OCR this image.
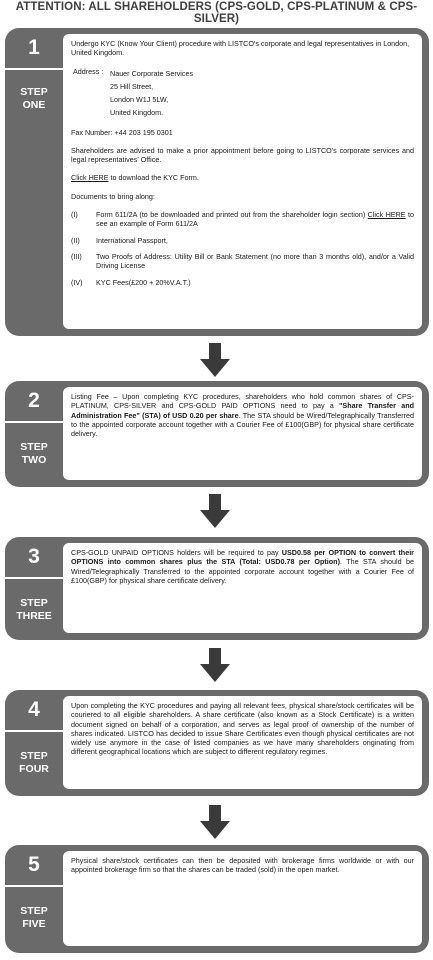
ATTENTION: ALL SHAREHOLDERS (CPS-GOLD, CPS-PLATINUM & CPS-SILVER)
1
STEP
ONE

Undergo KYC (Know Your Client) procedure with LISTCO's corporate and legal representatives in London, United Kingdom.

Address : Nauer Corporate Services
25 Hill Street,
London W1J 5LW,
United Kingdom.

Fax Number: +44 203 195 0301

Shareholders are advised to make a prior appointment before going to LISTCO's corporate services and legal representatives' Office.

Click HERE to download the KYC Form.

Documents to bring along:

(I)	Form 611/2A (to be downloaded and printed out from the shareholder login section) Click HERE to see an example of Form 611/2A
(II)	International Passport,
(III)	Two Proofs of Address: Utility Bill or Bank Statement (no more than 3 months old), and/or a Valid Driving License
(IV)	KYC Fees(£200 + 20%V.A.T.)
2
STEP
TWO

Listing Fee – Upon completing KYC procedures, shareholders who hold common shares of CPS-PLATINUM, CPS-SILVER and CPS-GOLD PAID OPTIONS need to pay a "Share Transfer and Administration Fee" (STA) of USD 0.20 per share. The STA should be Wired/Telegraphically Transferred to the appointed corporate account together with a Courier Fee of £100(GBP) for physical share certificate delivery.

3
STEP
THREE

CPS-GOLD UNPAID OPTIONS holders will be required to pay USD0.58 per OPTION to convert their OPTIONS into common shares plus the STA (Total: USD0.78 per Option). The STA should be Wired/Telegraphically Transferred to the appointed corporate account together with a Courier Fee of £100(GBP) for physical share certificate delivery.

4
STEP
FOUR

Upon completing the KYC procedures and paying all relevant fees, physical share/stock certificates will be couriered to all eligible shareholders. A share certificate (also known as a Stock Certificate) is a written document signed on behalf of a corporation, and serves as legal proof of ownership of the number of shares indicated. LISTCO has decided to issue Share Certificates even though physical certificates are not widely use anymore in the case of listed companies as we have many shareholders originating from different geographical locations which are subject to different regulatory regimes.

5
STEP
FIVE

Physical share/stock certificates can then be deposited with brokerage firms worldwide or with our appointed brokerage firm so that the shares can be traded (sold) in the open market.
